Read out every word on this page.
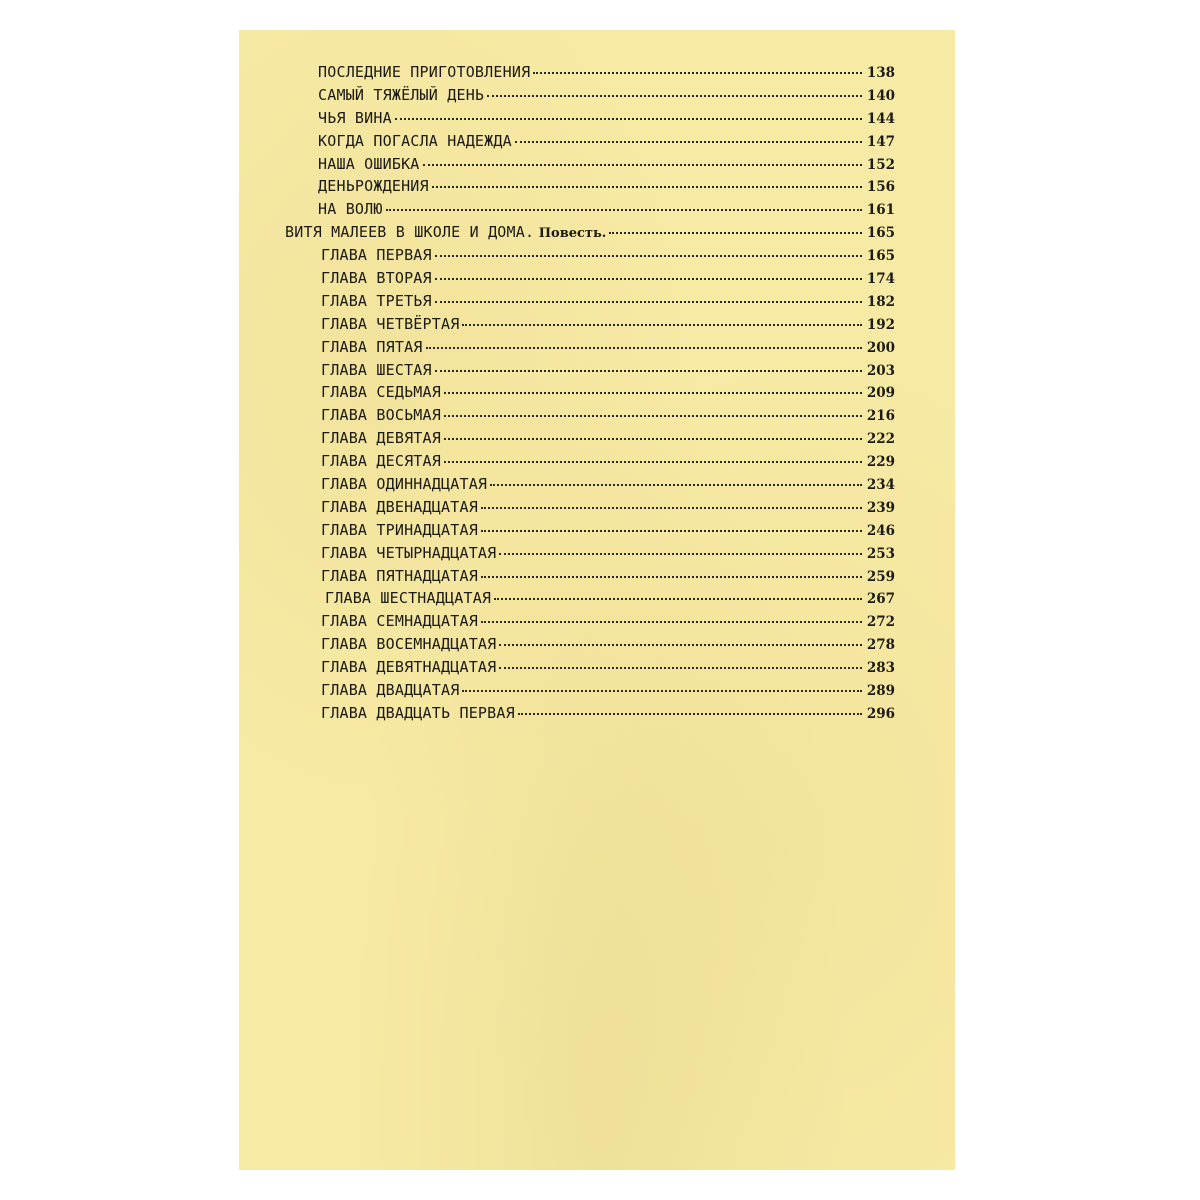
ПОСЛЕДНИЕ ПРИГОТОВЛЕНИЯ	138
САМЫЙ ТЯЖЁЛЫЙ ДЕНЬ	140
ЧЬЯ ВИНА	144
КОГДА ПОГАСЛА НАДЕЖДА	147
НАША ОШИБКА	152
ДЕНЬРОЖДЕНИЯ	156
НА ВОЛЮ	161
ВИТЯ МАЛЕЕВ В ШКОЛЕ И ДОМА. Повесть.	165
ГЛАВА ПЕРВАЯ	165
ГЛАВА ВТОРАЯ	174
ГЛАВА ТРЕТЬЯ	182
ГЛАВА ЧЕТВЁРТАЯ	192
ГЛАВА ПЯТАЯ	200
ГЛАВА ШЕСТАЯ	203
ГЛАВА СЕДЬМАЯ	209
ГЛАВА ВОСЬМАЯ	216
ГЛАВА ДЕВЯТАЯ	222
ГЛАВА ДЕСЯТАЯ	229
ГЛАВА ОДИННАДЦАТАЯ	234
ГЛАВА ДВЕНАДЦАТАЯ	239
ГЛАВА ТРИНАДЦАТАЯ	246
ГЛАВА ЧЕТЫРНАДЦАТАЯ	253
ГЛАВА ПЯТНАДЦАТАЯ	259
ГЛАВА ШЕСТНАДЦАТАЯ	267
ГЛАВА СЕМНАДЦАТАЯ	272
ГЛАВА ВОСЕМНАДЦАТАЯ	278
ГЛАВА ДЕВЯТНАДЦАТАЯ	283
ГЛАВА ДВАДЦАТАЯ	289
ГЛАВА ДВАДЦАТЬ ПЕРВАЯ	296
